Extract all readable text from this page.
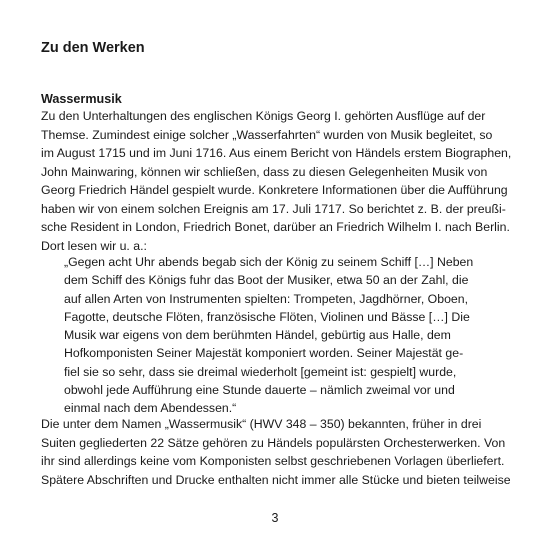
Zu den Werken
Wassermusik

Zu den Unterhaltungen des englischen Königs Georg I. gehörten Ausflüge auf der
Themse. Zumindest einige solcher „Wasserfahrten“ wurden von Musik begleitet, so
im August 1715 und im Juni 1716. Aus einem Bericht von Händels erstem Biographen,
John Mainwaring, können wir schließen, dass zu diesen Gelegenheiten Musik von
Georg Friedrich Händel gespielt wurde. Konkretere Informationen über die Aufführung
haben wir von einem solchen Ereignis am 17. Juli 1717. So berichtet z. B. der preußi-
sche Resident in London, Friedrich Bonet, darüber an Friedrich Wilhelm I. nach Berlin.
Dort lesen wir u. a.:

„Gegen acht Uhr abends begab sich der König zu seinem Schiff […] Neben
dem Schiff des Königs fuhr das Boot der Musiker, etwa 50 an der Zahl, die
auf allen Arten von Instrumenten spielten: Trompeten, Jagdhörner, Oboen,
Fagotte, deutsche Flöten, französische Flöten, Violinen und Bässe […] Die
Musik war eigens von dem berühmten Händel, gebürtig aus Halle, dem
Hofkomponisten Seiner Majestät komponiert worden. Seiner Majestät ge-
fiel sie so sehr, dass sie dreimal wiederholt [gemeint ist: gespielt] wurde,
obwohl jede Aufführung eine Stunde dauerte – nämlich zweimal vor und
einmal nach dem Abendessen.“

Die unter dem Namen „Wassermusik“ (HWV 348 – 350) bekannten, früher in drei
Suiten gegliederten 22 Sätze gehören zu Händels populärsten Orchesterwerken. Von
ihr sind allerdings keine vom Komponisten selbst geschriebenen Vorlagen überliefert.
Spätere Abschriften und Drucke enthalten nicht immer alle Stücke und bieten teilweise

3
